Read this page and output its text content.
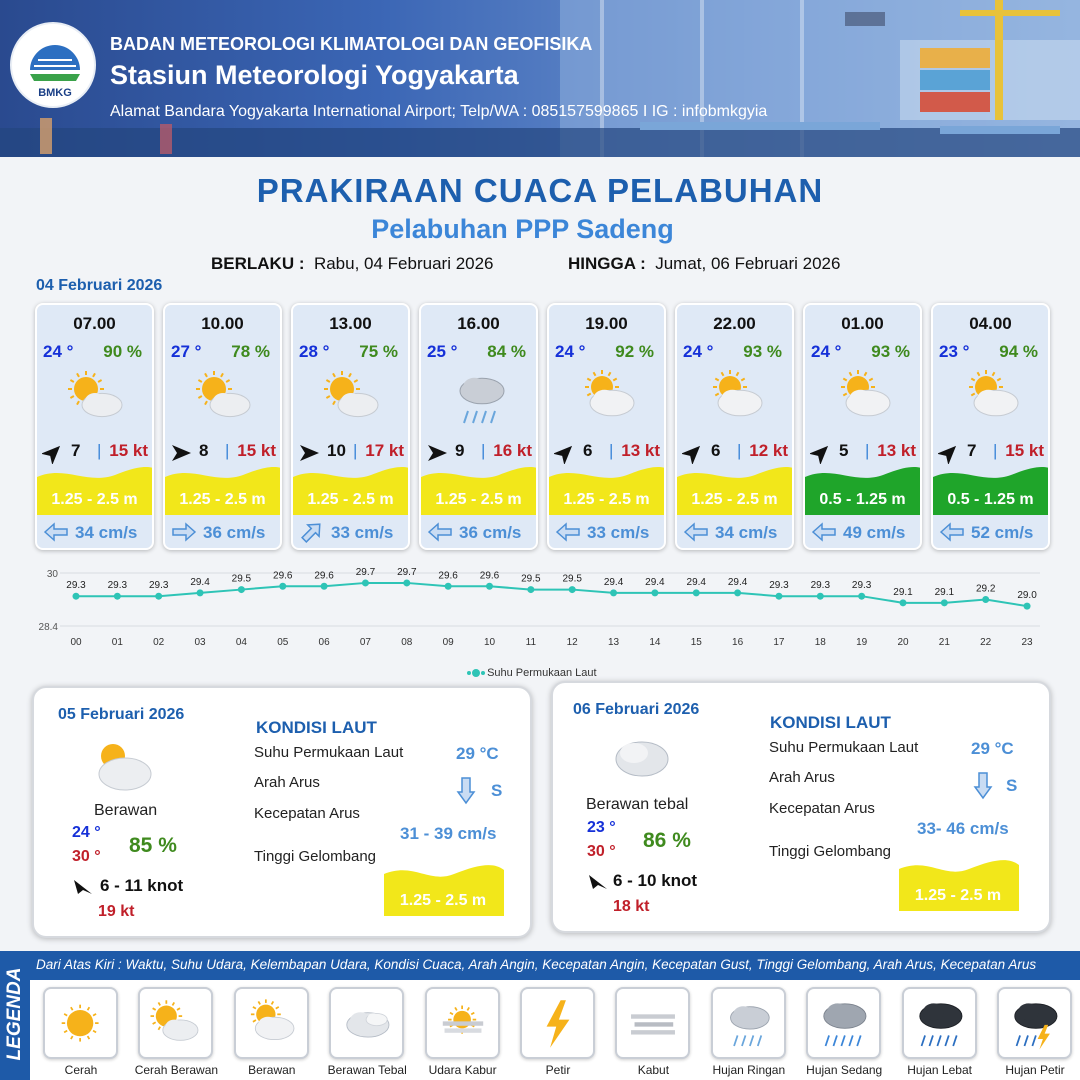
BMKG
BADAN METEOROLOGI KLIMATOLOGI DAN GEOFISIKA
Stasiun Meteorologi Yogyakarta
Alamat Bandara Yogyakarta International Airport; Telp/WA : 085157599865 I IG : infobmkgyia
PRAKIRAAN CUACA PELABUHAN
Pelabuhan PPP Sadeng
BERLAKU : Rabu, 04 Februari 2026	HINGGA : Jumat, 06 Februari 2026
04 Februari 2026
07.00
24 ° 90 %
7 | 15 kt
1.25 - 2.5 m
34 cm/s
10.00
27 ° 78 %
8 | 15 kt
1.25 - 2.5 m
36 cm/s
13.00
28 ° 75 %
10 | 17 kt
1.25 - 2.5 m
33 cm/s
16.00
25 ° 84 %
9 | 16 kt
1.25 - 2.5 m
36 cm/s
19.00
24 ° 92 %
6 | 13 kt
1.25 - 2.5 m
33 cm/s
22.00
24 ° 93 %
6 | 12 kt
1.25 - 2.5 m
34 cm/s
01.00
24 ° 93 %
5 | 13 kt
0.5 - 1.25 m
49 cm/s
04.00
23 ° 94 %
7 | 15 kt
0.5 - 1.25 m
52 cm/s
30
28.4
29.3
00
29.3
01
29.3
02
29.4
03
29.5
04
29.6
05
29.6
06
29.7
07
29.7
08
29.6
09
29.6
10
29.5
11
29.5
12
29.4
13
29.4
14
29.4
15
29.4
16
29.3
17
29.3
18
29.3
19
29.1
20
29.1
21
29.2
22
29.0
23
Suhu Permukaan Laut
05 Februari 2026
Berawan
24 °
30 ° 85 %
6 - 11 knot
19 kt
KONDISI LAUT
Suhu Permukaan Laut	29 °C
Arah Arus	S
Kecepatan Arus
31 - 39 cm/s
Tinggi Gelombang
1.25 - 2.5 m
06 Februari 2026
Berawan tebal
23 °
30 ° 86 %
6 - 10 knot
18 kt
KONDISI LAUT
Suhu Permukaan Laut	29 °C
Arah Arus	S
Kecepatan Arus
33- 46 cm/s
Tinggi Gelombang
1.25 - 2.5 m
LEGENDA
Dari Atas Kiri : Waktu, Suhu Udara, Kelembapan Udara, Kondisi Cuaca, Arah Angin, Kecepatan Angin, Kecepatan Gust, Tinggi Gelombang, Arah Arus, Kecepatan Arus
Cerah	Cerah Berawan	Berawan	Berawan Tebal	Udara Kabur	Petir	Kabut	Hujan Ringan	Hujan Sedang	Hujan Lebat	Hujan Petir
